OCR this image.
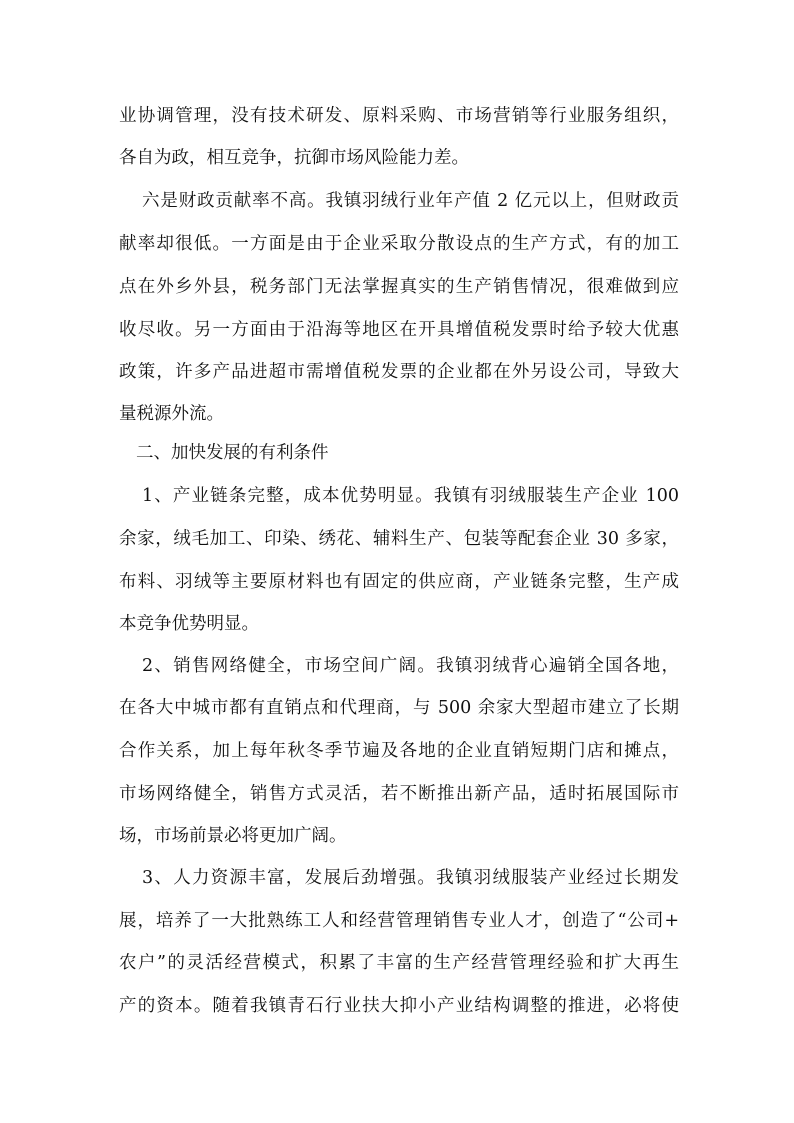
业协调管理，没有技术研发、原料采购、市场营销等行业服务组织，
各自为政，相互竞争，抗御市场风险能力差。
六是财政贡献率不高。我镇羽绒行业年产值 2 亿元以上，但财政贡
献率却很低。一方面是由于企业采取分散设点的生产方式，有的加工
点在外乡外县，税务部门无法掌握真实的生产销售情况，很难做到应
收尽收。另一方面由于沿海等地区在开具增值税发票时给予较大优惠
政策，许多产品进超市需增值税发票的企业都在外另设公司，导致大
量税源外流。
二、加快发展的有利条件
1、产业链条完整，成本优势明显。我镇有羽绒服装生产企业 100
余家，绒毛加工、印染、绣花、辅料生产、包装等配套企业 30 多家，
布料、羽绒等主要原材料也有固定的供应商，产业链条完整，生产成
本竞争优势明显。
2、销售网络健全，市场空间广阔。我镇羽绒背心遍销全国各地，
在各大中城市都有直销点和代理商，与 500 余家大型超市建立了长期
合作关系，加上每年秋冬季节遍及各地的企业直销短期门店和摊点，
市场网络健全，销售方式灵活，若不断推出新产品，适时拓展国际市
场，市场前景必将更加广阔。
3、人力资源丰富，发展后劲增强。我镇羽绒服装产业经过长期发
展，培养了一大批熟练工人和经营管理销售专业人才，创造了“公司+
农户”的灵活经营模式，积累了丰富的生产经营管理经验和扩大再生
产的资本。随着我镇青石行业扶大抑小产业结构调整的推进，必将使
